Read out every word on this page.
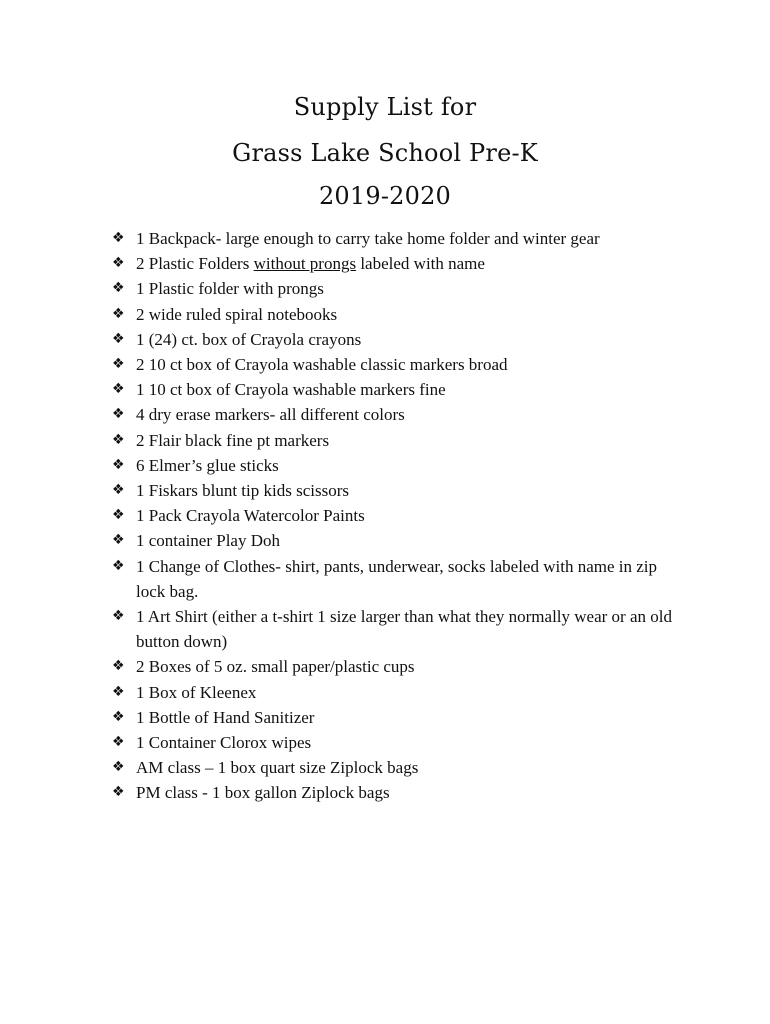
Supply List for
Grass Lake School Pre-K
2019-2020
❖ 1 Backpack- large enough to carry take home folder and winter gear
❖ 2 Plastic Folders without prongs labeled with name
❖ 1 Plastic folder with prongs
❖ 2 wide ruled spiral notebooks
❖ 1 (24) ct. box of Crayola crayons
❖ 2 10 ct box of Crayola washable classic markers broad
❖ 1 10 ct box of Crayola washable markers fine
❖ 4 dry erase markers- all different colors
❖ 2 Flair black fine pt markers
❖ 6 Elmer’s glue sticks
❖ 1 Fiskars blunt tip kids scissors
❖ 1 Pack Crayola Watercolor Paints
❖ 1 container Play Doh
❖ 1 Change of Clothes- shirt, pants, underwear, socks labeled with name in zip lock bag.
❖ 1 Art Shirt (either a t-shirt 1 size larger than what they normally wear or an old button down)
❖ 2 Boxes of 5 oz. small paper/plastic cups
❖ 1 Box of Kleenex
❖ 1 Bottle of Hand Sanitizer
❖ 1 Container Clorox wipes
❖ AM class – 1 box quart size Ziplock bags
❖ PM class - 1 box gallon Ziplock bags
